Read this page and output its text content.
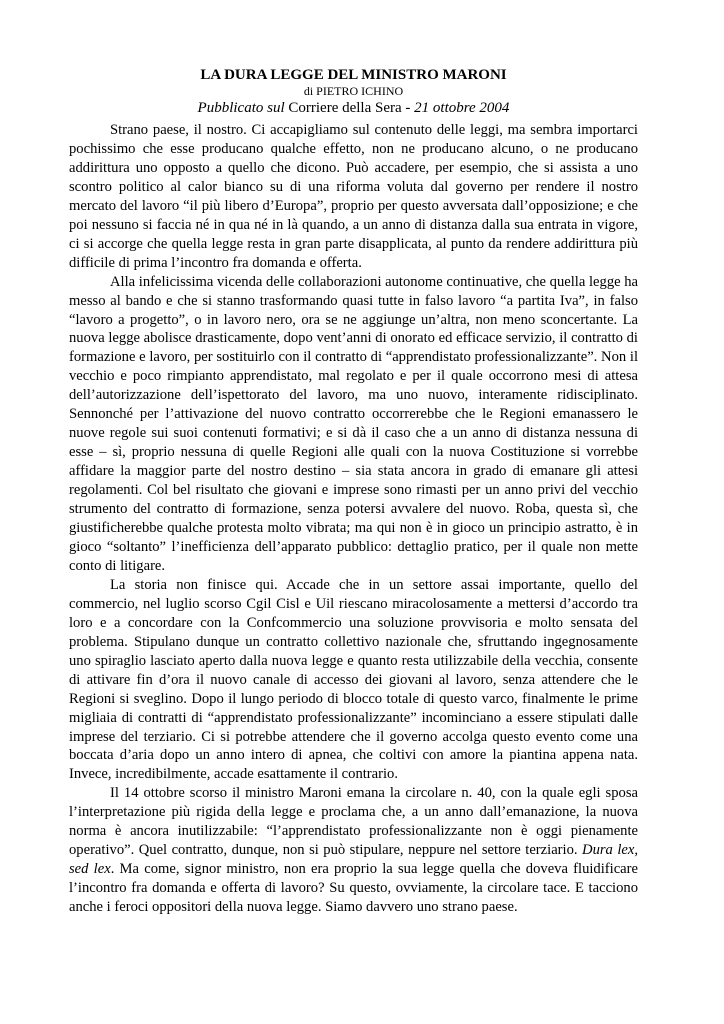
LA DURA LEGGE DEL MINISTRO MARONI
di PIETRO ICHINO
Pubblicato sul Corriere della Sera - 21 ottobre 2004

Strano paese, il nostro. Ci accapigliamo sul contenuto delle leggi, ma sembra importarci pochissimo che esse producano qualche effetto, non ne producano alcuno, o ne producano addirittura uno opposto a quello che dicono. Può accadere, per esempio, che si assista a uno scontro politico al calor bianco su di una riforma voluta dal governo per rendere il nostro mercato del lavoro “il più libero d’Europa”, proprio per questo avversata dall’opposizione; e che poi nessuno si faccia né in qua né in là quando, a un anno di distanza dalla sua entrata in vigore, ci si accorge che quella legge resta in gran parte disapplicata, al punto da rendere addirittura più difficile di prima l’incontro fra domanda e offerta.

Alla infelicissima vicenda delle collaborazioni autonome continuative, che quella legge ha messo al bando e che si stanno trasformando quasi tutte in falso lavoro “a partita Iva”, in falso “lavoro a progetto”, o in lavoro nero, ora se ne aggiunge un’altra, non meno sconcertante. La nuova legge abolisce drasticamente, dopo vent’anni di onorato ed efficace servizio, il contratto di formazione e lavoro, per sostituirlo con il contratto di “apprendistato professionalizzante”. Non il vecchio e poco rimpianto apprendistato, mal regolato e per il quale occorrono mesi di attesa dell’autorizzazione dell’ispettorato del lavoro, ma uno nuovo, interamente ridisciplinato. Sennonché per l’attivazione del nuovo contratto occorrerebbe che le Regioni emanassero le nuove regole sui suoi contenuti formativi; e si dà il caso che a un anno di distanza nessuna di esse – sì, proprio nessuna di quelle Regioni alle quali con la nuova Costituzione si vorrebbe affidare la maggior parte del nostro destino – sia stata ancora in grado di emanare gli attesi regolamenti. Col bel risultato che giovani e imprese sono rimasti per un anno privi del vecchio strumento del contratto di formazione, senza potersi avvalere del nuovo. Roba, questa sì, che giustificherebbe qualche protesta molto vibrata; ma qui non è in gioco un principio astratto, è in gioco “soltanto” l’inefficienza dell’apparato pubblico: dettaglio pratico, per il quale non mette conto di litigare.

La storia non finisce qui. Accade che in un settore assai importante, quello del commercio, nel luglio scorso Cgil Cisl e Uil riescano miracolosamente a mettersi d’accordo tra loro e a concordare con la Confcommercio una soluzione provvisoria e molto sensata del problema. Stipulano dunque un contratto collettivo nazionale che, sfruttando ingegnosamente uno spiraglio lasciato aperto dalla nuova legge e quanto resta utilizzabile della vecchia, consente di attivare fin d’ora il nuovo canale di accesso dei giovani al lavoro, senza attendere che le Regioni si sveglino. Dopo il lungo periodo di blocco totale di questo varco, finalmente le prime migliaia di contratti di “apprendistato professionalizzante” incominciano a essere stipulati dalle imprese del terziario. Ci si potrebbe attendere che il governo accolga questo evento come una boccata d’aria dopo un anno intero di apnea, che coltivi con amore la piantina appena nata. Invece, incredibilmente, accade esattamente il contrario.

Il 14 ottobre scorso il ministro Maroni emana la circolare n. 40, con la quale egli sposa l’interpretazione più rigida della legge e proclama che, a un anno dall’emanazione, la nuova norma è ancora inutilizzabile: “l’apprendistato professionalizzante non è oggi pienamente operativo”. Quel contratto, dunque, non si può stipulare, neppure nel settore terziario. Dura lex, sed lex. Ma come, signor ministro, non era proprio la sua legge quella che doveva fluidificare l’incontro fra domanda e offerta di lavoro? Su questo, ovviamente, la circolare tace. E tacciono anche i feroci oppositori della nuova legge. Siamo davvero uno strano paese.
